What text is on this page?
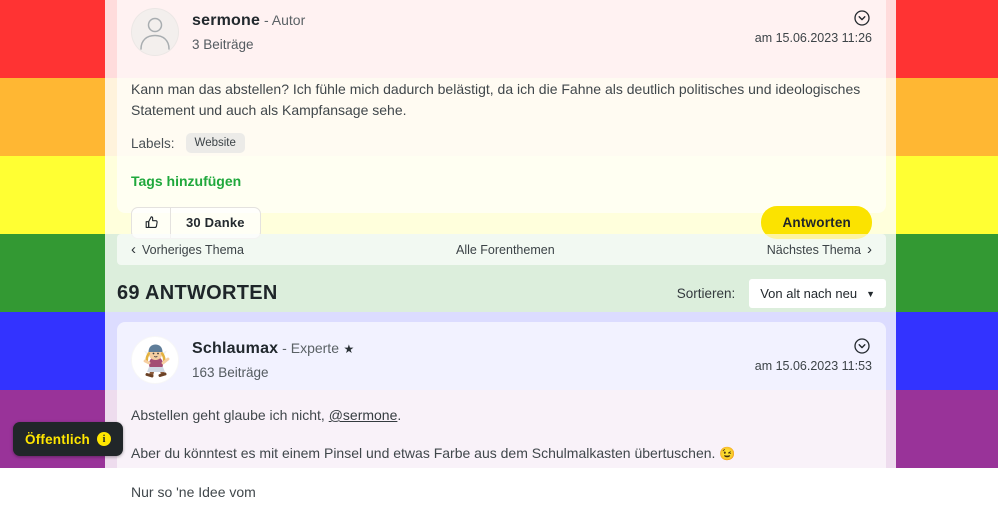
sermone - Autor
3 Beiträge	am 15.06.2023 11:26
Kann man das abstellen? Ich fühle mich dadurch belästigt, da ich die Fahne als deutlich politisches und ideologisches Statement und auch als Kampfansage sehe.
Labels:	Website
Tags hinzufügen
30 Danke	Antworten
‹ Vorheriges Thema	Alle Forenthemen	Nächstes Thema ›
69 ANTWORTEN	Sortieren: Von alt nach neu ▼
Schlaumax - Experte ★
163 Beiträge	am 15.06.2023 11:53

Abstellen geht glaube ich nicht, @sermone.

Aber du könntest es mit einem Pinsel und etwas Farbe aus dem Schulmalkasten übertuschen. 😉

Nur so 'ne Idee vom

Öffentlich	i
